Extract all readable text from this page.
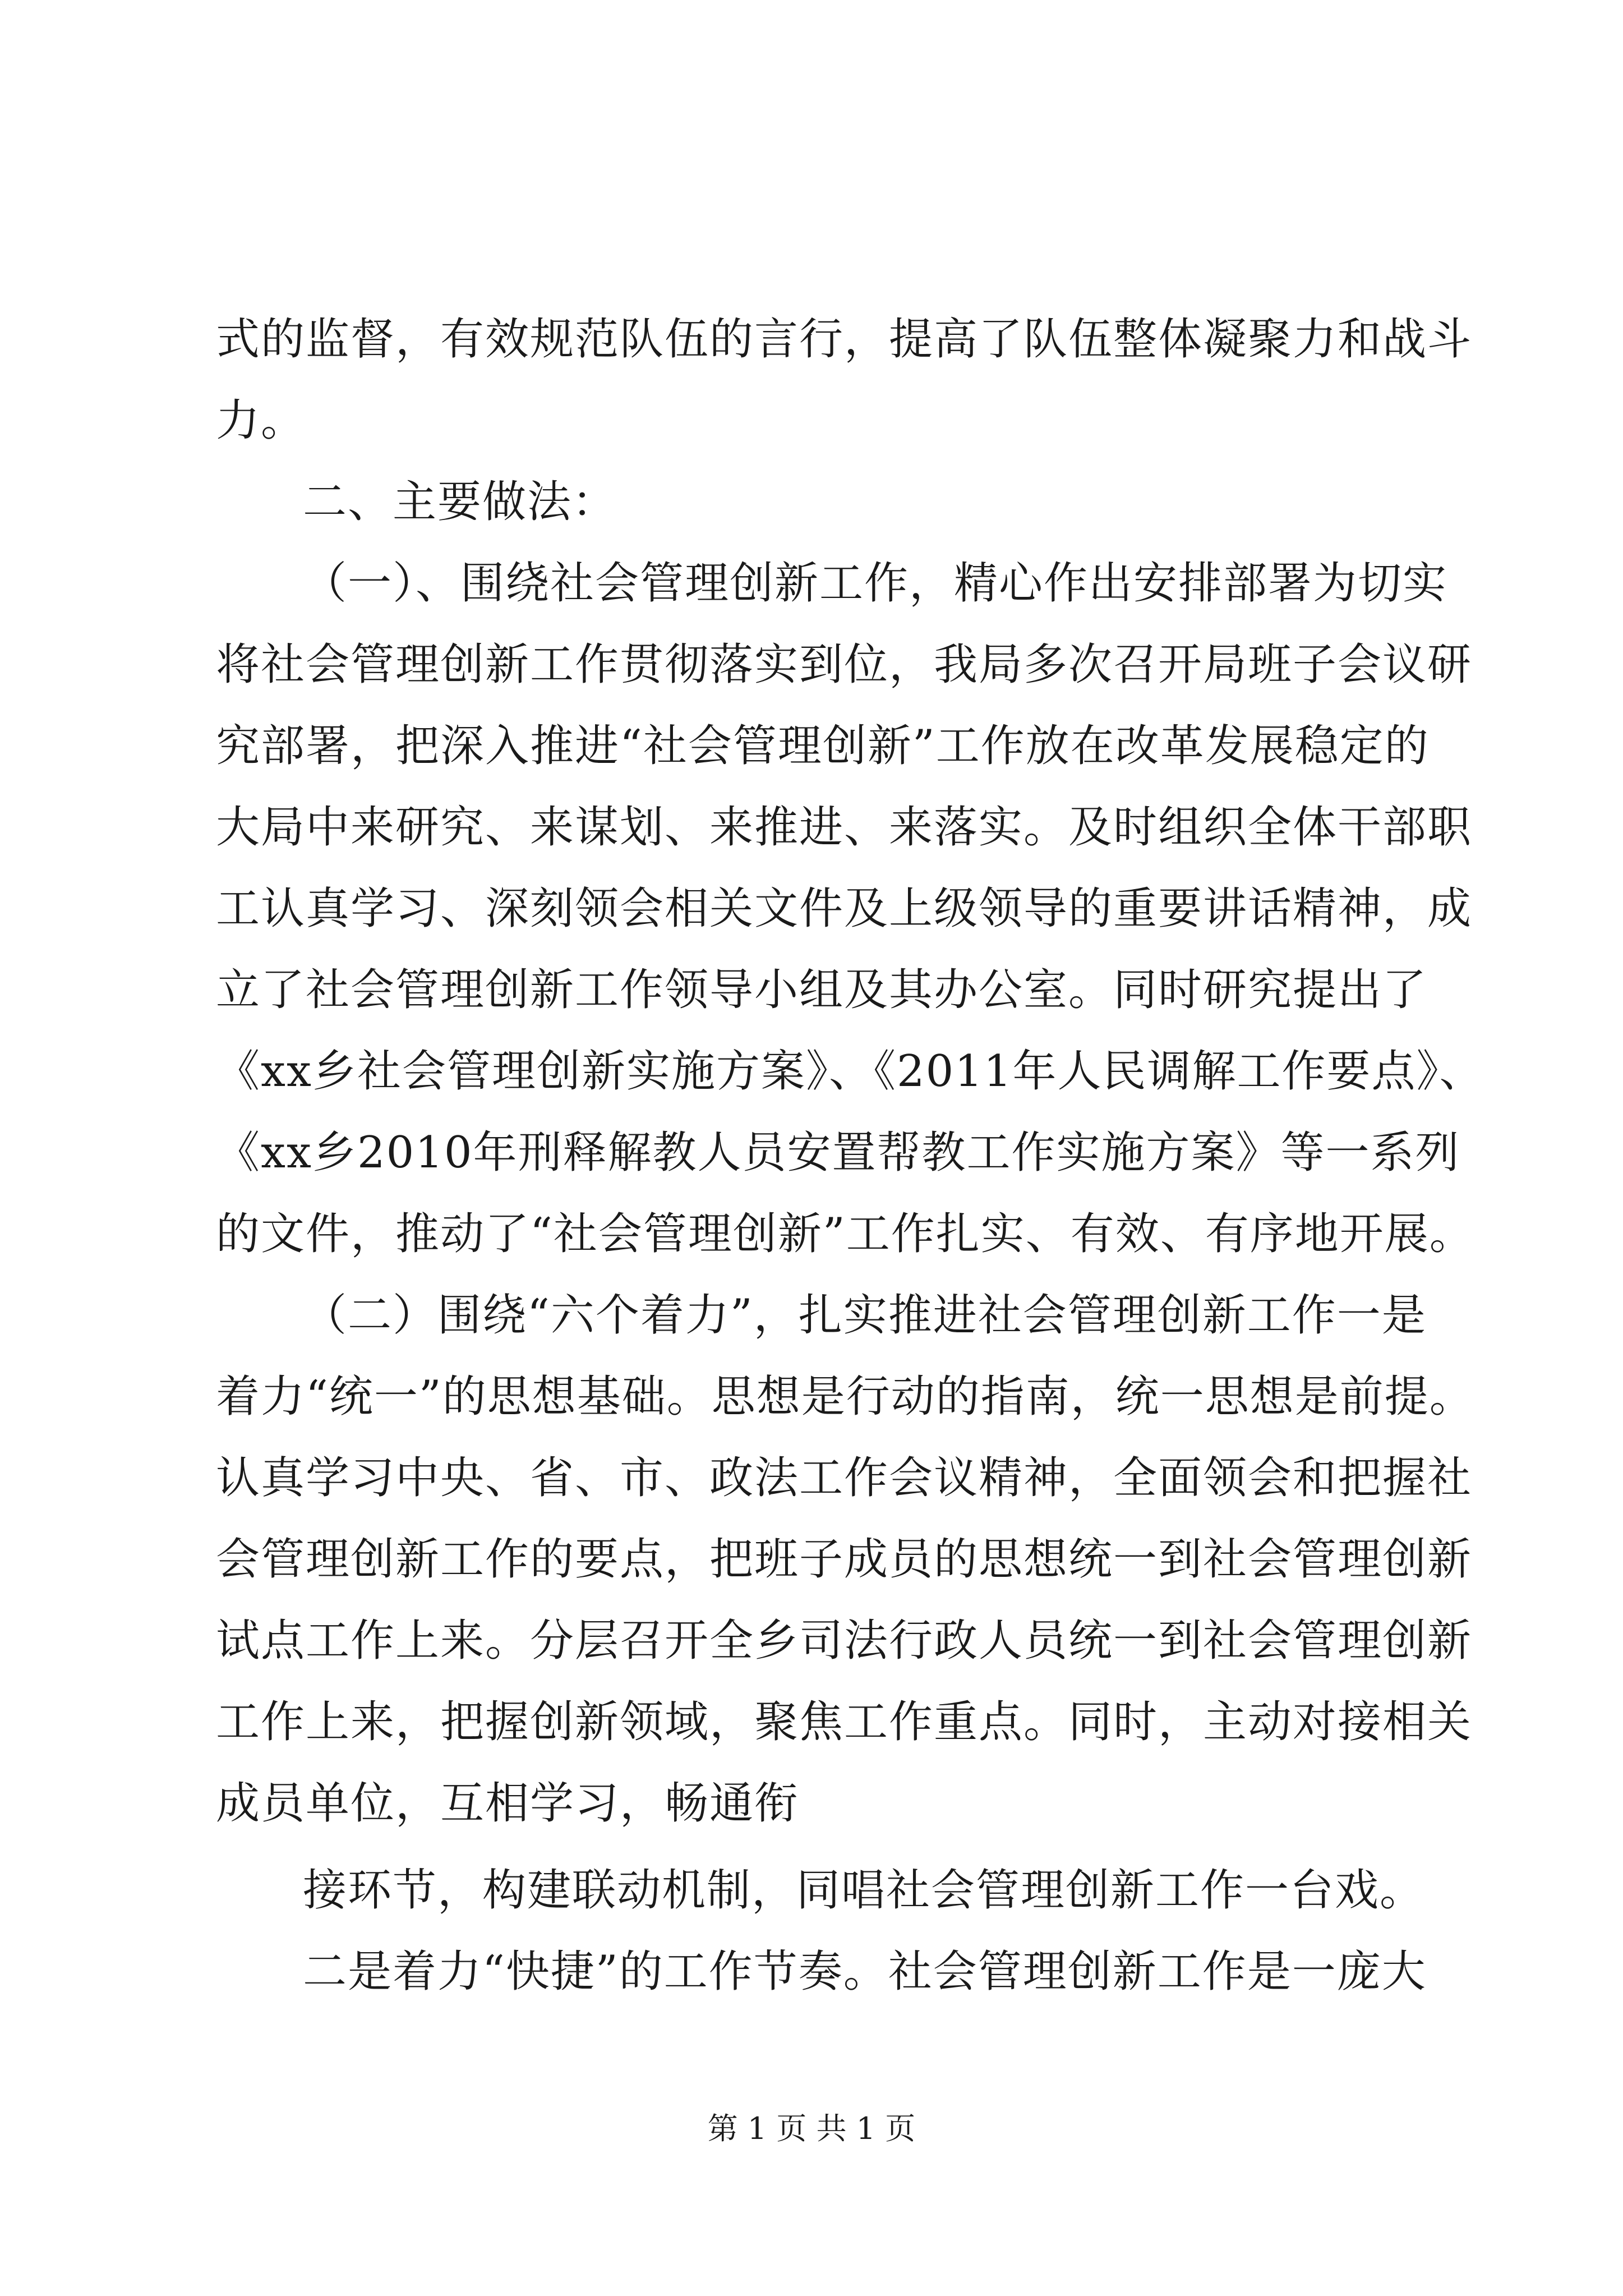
式的监督，有效规范队伍的言行，提高了队伍整体凝聚力和战斗
力。
二、主要做法：
（一）、围绕社会管理创新工作，精心作出安排部署为切实
将社会管理创新工作贯彻落实到位，我局多次召开局班子会议研
究部署，把深入推进“社会管理创新”工作放在改革发展稳定的
大局中来研究、来谋划、来推进、来落实。及时组织全体干部职
工认真学习、深刻领会相关文件及上级领导的重要讲话精神，成
立了社会管理创新工作领导小组及其办公室。同时研究提出了
《xx乡社会管理创新实施方案》、《2011年人民调解工作要点》、
《xx乡2010年刑释解教人员安置帮教工作实施方案》等一系列
的文件，推动了“社会管理创新”工作扎实、有效、有序地开展。
（二）围绕“六个着力”，扎实推进社会管理创新工作一是
着力“统一”的思想基础。思想是行动的指南，统一思想是前提。
认真学习中央、省、市、政法工作会议精神，全面领会和把握社
会管理创新工作的要点，把班子成员的思想统一到社会管理创新
试点工作上来。分层召开全乡司法行政人员统一到社会管理创新
工作上来，把握创新领域，聚焦工作重点。同时，主动对接相关
成员单位，互相学习，畅通衔
接环节，构建联动机制，同唱社会管理创新工作一台戏。
二是着力“快捷”的工作节奏。社会管理创新工作是一庞大
第 1 页 共 1 页
